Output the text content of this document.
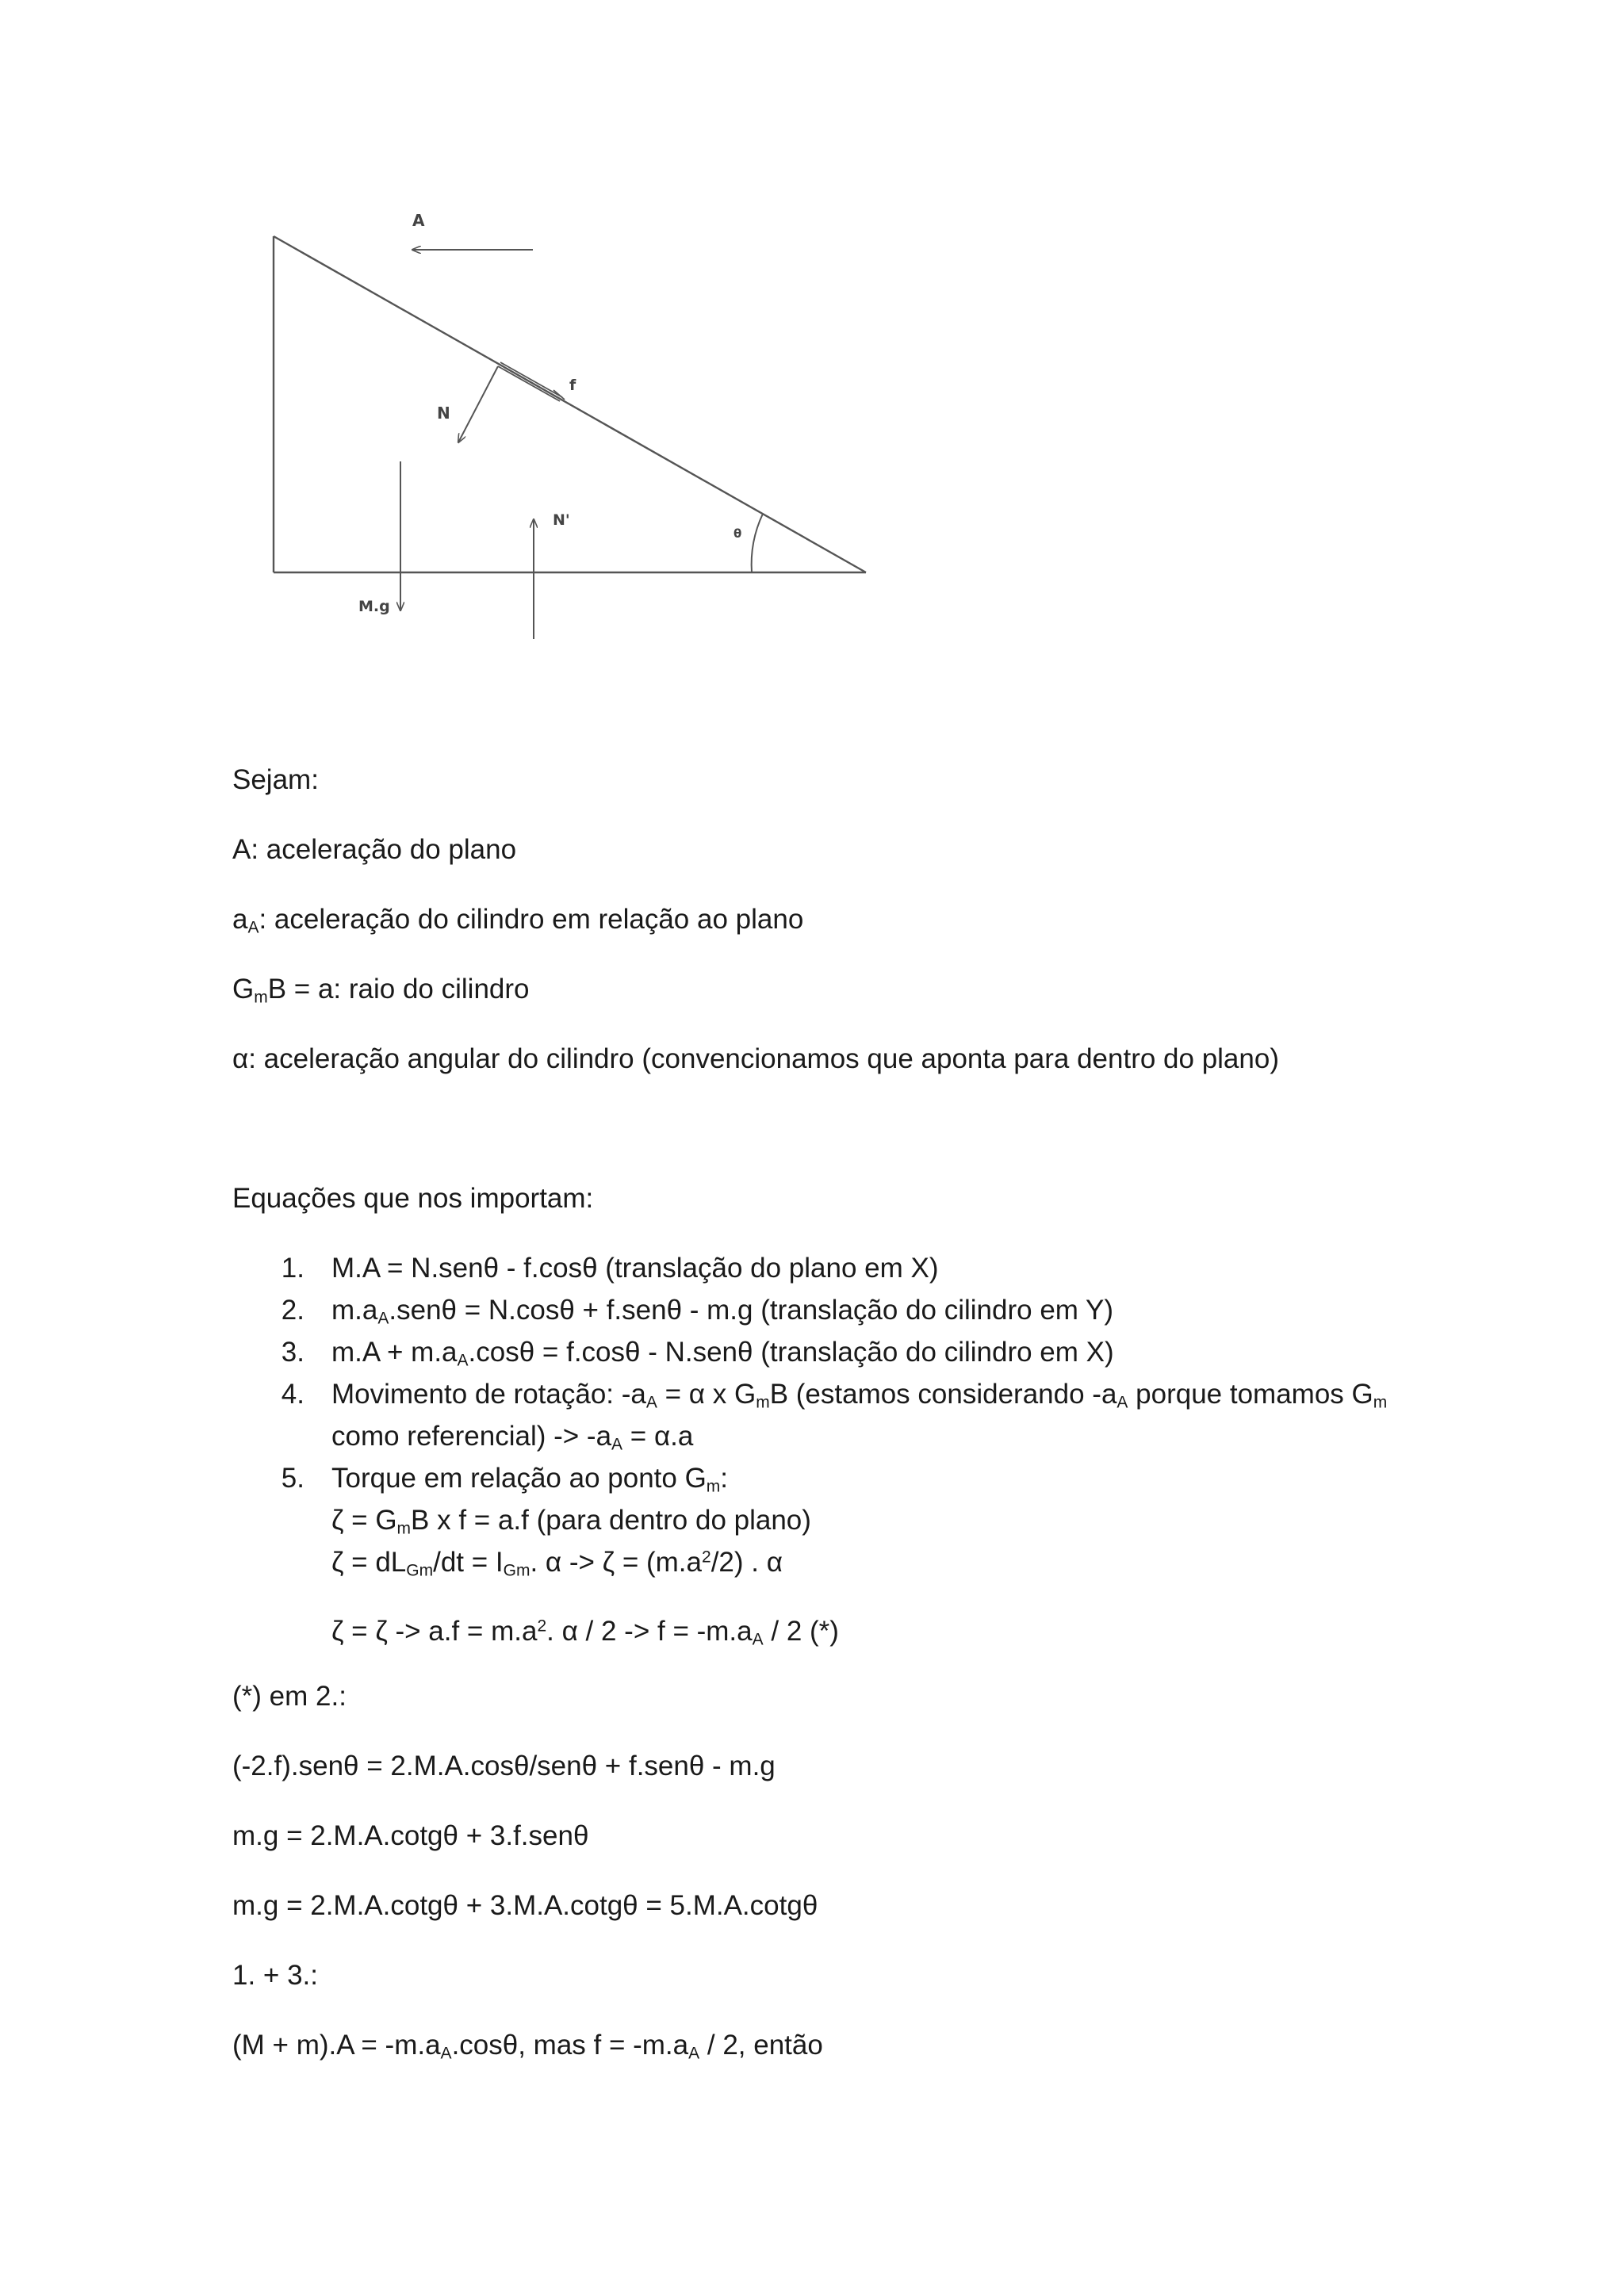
A
f
N
M.g
N'
θ

Sejam:

A: aceleração do plano

$a_A$: aceleração do cilindro em relação ao plano

$G_mB = a$: raio do cilindro

α: aceleração angular do cilindro (convencionamos que aponta para dentro do plano)

Equações que nos importam:

1. M.A = N.senθ - f.cosθ (translação do plano em X)
2. $m.a_A.sen\theta = N.\cos\theta + f.sen\theta - m.g$ (translação do cilindro em Y)
3. $m.A + m.a_A.\cos\theta = f.\cos\theta - N.sen\theta$ (translação do cilindro em X)
4. Movimento de rotação: $-a_A = \alpha$ x $G_mB$ (estamos considerando $-a_A$ porque tomamos $G_m$
como referencial) -> $-a_A = \alpha.a$
5. Torque em relação ao ponto $G_m$:
$\zeta = G_mB$ x f = a.f (para dentro do plano)
$\zeta = dL_{Gm}/dt = I_{Gm}$. $\alpha -> \zeta = (m.a^2/2)$ . α
$\zeta = \zeta -> a.f = m.a^2$. $\alpha / 2 -> f = -m.a_A / 2$ (*)

(*) em 2.:

(-2.f).senθ = 2.M.A.cosθ/senθ + f.senθ - m.g

m.g = 2.M.A.cotgθ + 3.f.senθ

m.g = 2.M.A.cotgθ + 3.M.A.cotgθ = 5.M.A.cotgθ

1. + 3.:

$(M + m).A = -m.a_A.\cos\theta$, mas $f = -m.a_A / 2$, então
